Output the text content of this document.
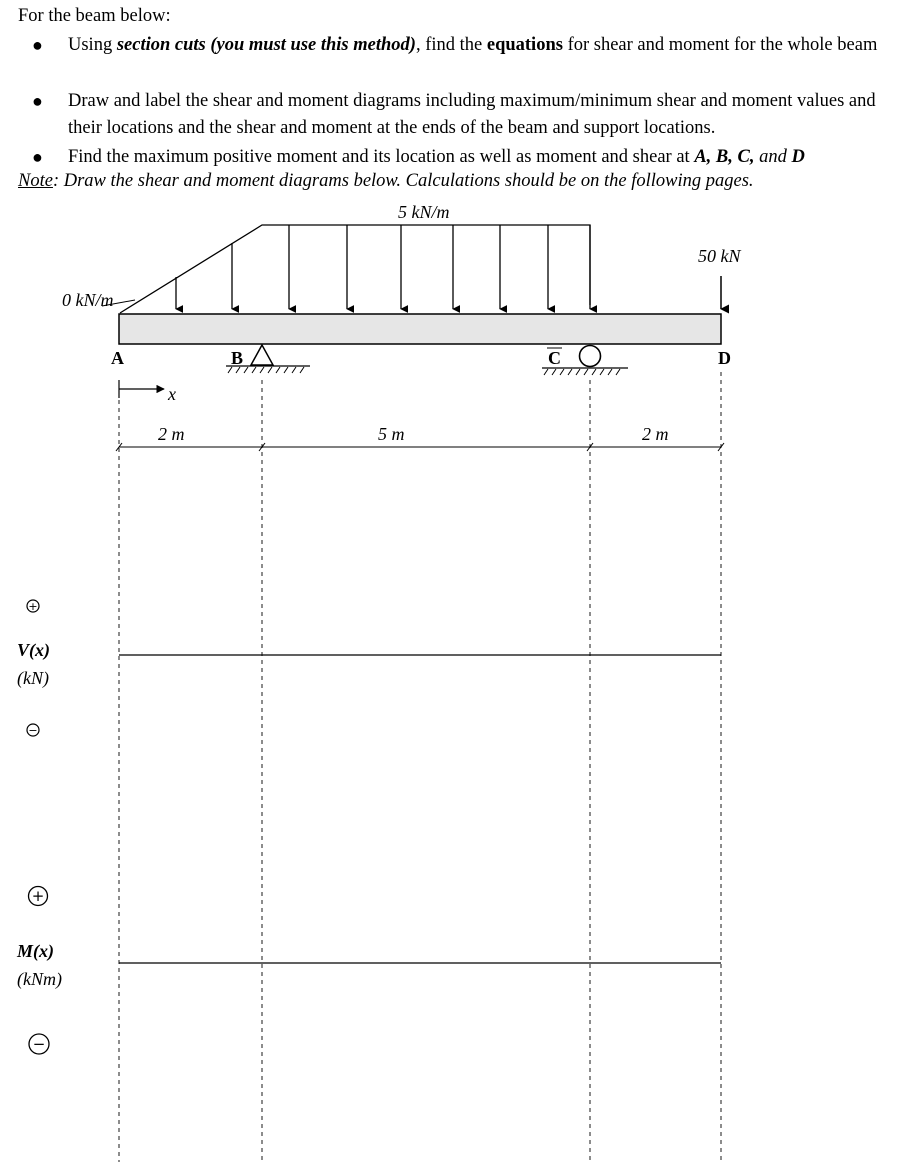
For the beam below:
● Using section cuts (you must use this method), find the equations for shear and moment for the whole beam
● Draw and label the shear and moment diagrams including maximum/minimum shear and moment values and their locations and the shear and moment at the ends of the beam and support locations.
● Find the maximum positive moment and its location as well as moment and shear at A, B, C, and D
Note: Draw the shear and moment diagrams below. Calculations should be on the following pages.
5 kN/m
0 kN/m
50 kN
A	B	C	D
x
2 m	5 m	2 m
+
−
V(x)
(kN)
+
−
M(x)
(kNm)
